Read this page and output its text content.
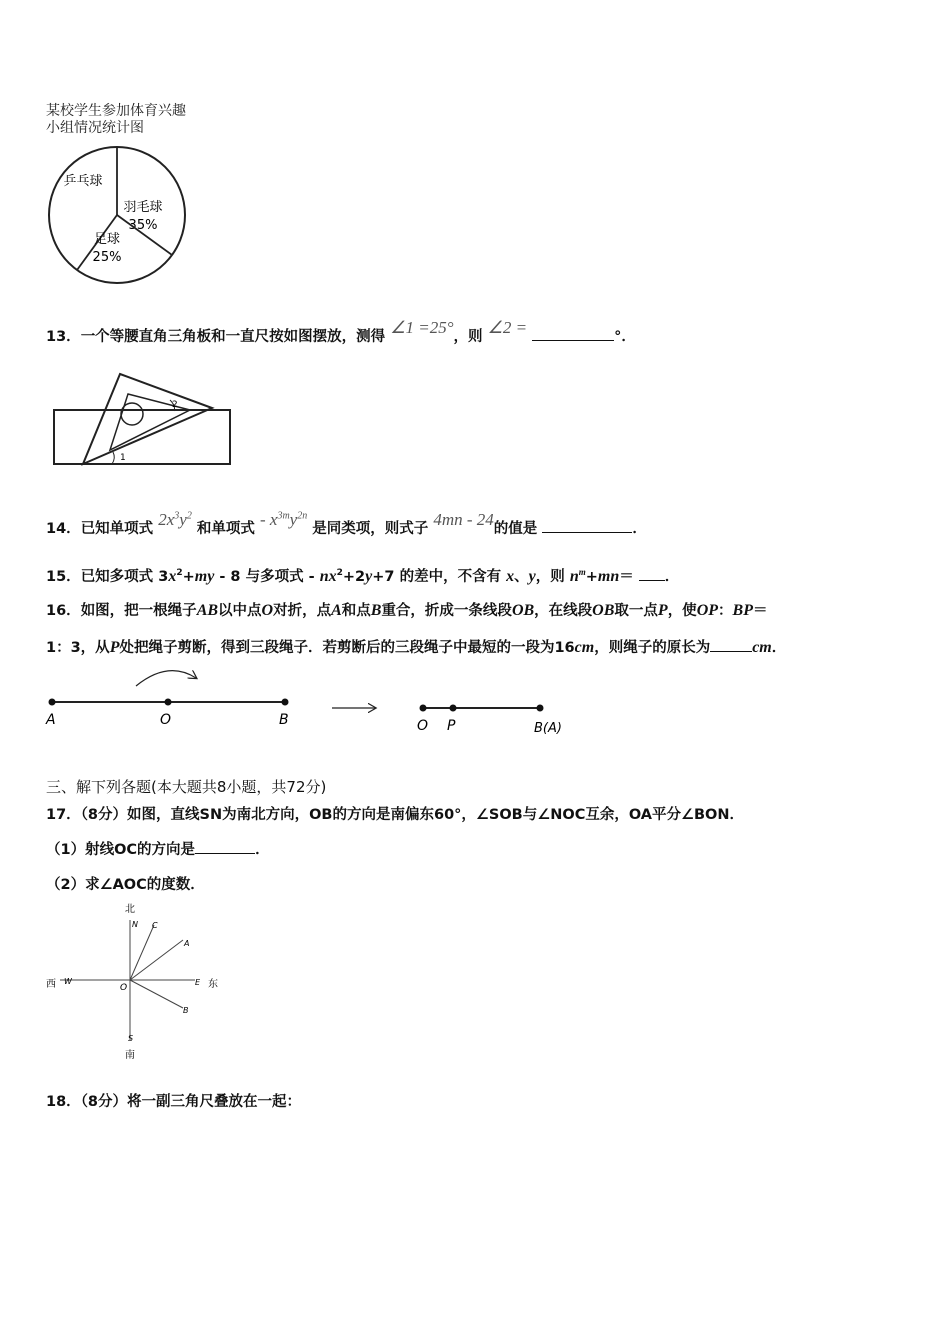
某校学生参加体育兴趣
小组情况统计图
乒乓球
羽毛球
35%
足球
25%
13．一个等腰直角三角板和一直尺按如图摆放，测得 ∠1 =25°，则 ∠2 =	°．
2
1
14．已知单项式 $2x^3y^2$ 和单项式 - $x^{3m}y^{2n}$ 是同类项，则式子 4mn - 24的值是	．
15．已知多项式 $3x^2+my - 8$ 与多项式 - $nx^2+2y+7$ 的差中，不含有 x、y，则 $n^m+mn=$ ．
16．如图，把一根绳子AB以中点O对折，点A和点B重合，折成一条线段OB，在线段OB取一点P，使OP：BP＝
1：3，从P处把绳子剪断，得到三段绳子．若剪断后的三段绳子中最短的一段为16cm，则绳子的原长为	cm．
A	O	B	O P	B(A)
三、解下列各题(本大题共8小题，共72分)
17．（8分）如图，直线SN为南北方向，OB的方向是南偏东60°，∠SOB与∠NOC互余，OA平分∠BON．
（1）射线OC的方向是	．
（2）求∠AOC的度数．
北
N C
A
西 W
O
E 东
B
S
南
18．（8分）将一副三角尺叠放在一起：
